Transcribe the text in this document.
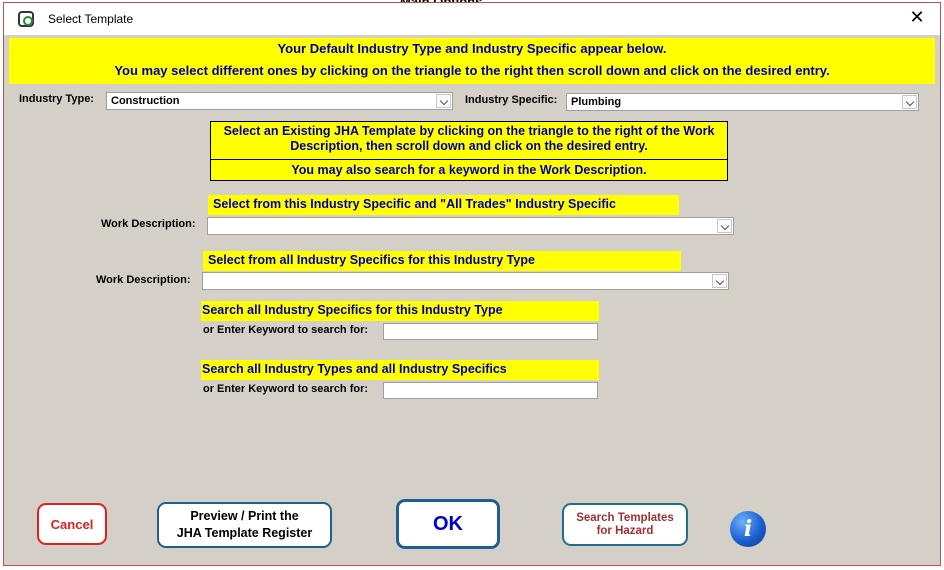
Select Template	✕
Your Default Industry Type and Industry Specific appear below.
You may select different ones by clicking on the triangle to the right then scroll down and click on the desired entry.
Industry Type:	Construction	Industry Specific:	Plumbing
Select an Existing JHA Template by clicking on the triangle to the right of the Work Description, then scroll down and click on the desired entry.
You may also search for a keyword in the Work Description.
Select from this Industry Specific and "All Trades" Industry Specific
Work Description:
Select from all Industry Specifics for this Industry Type
Work Description:
Search all Industry Specifics for this Industry Type
or Enter Keyword to search for:
Search all Industry Types and all Industry Specifics
or Enter Keyword to search for:
Cancel
Preview / Print the
JHA Template Register	OK	Search Templates
for Hazard	i
